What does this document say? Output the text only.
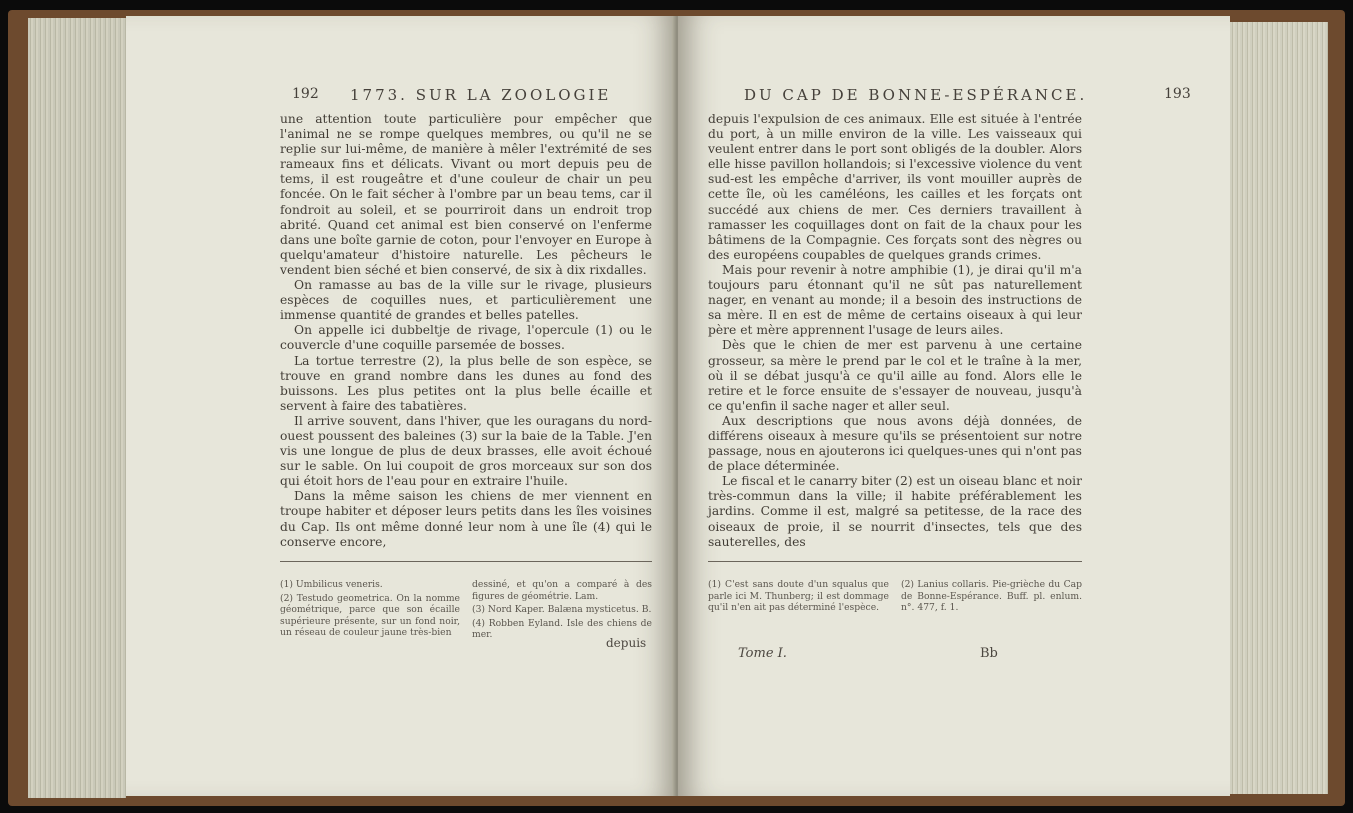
192 1773. SUR LA ZOOLOGIE

une attention toute particulière pour empêcher que l'animal ne se rompe quelques membres, ou qu'il ne se replie sur lui-même, de manière à mêler l'extrémité de ses rameaux fins et délicats. Vivant ou mort depuis peu de tems, il est rougeâtre et d'une couleur de chair un peu foncée. On le fait sécher à l'ombre par un beau tems, car il fondroit au soleil, et se pourriroit dans un endroit trop abrité. Quand cet animal est bien conservé on l'enferme dans une boîte garnie de coton, pour l'envoyer en Europe à quelqu'amateur d'histoire naturelle. Les pêcheurs le vendent bien séché et bien conservé, de six à dix rixdalles.

On ramasse au bas de la ville sur le rivage, plusieurs espèces de coquilles nues, et particulièrement une immense quantité de grandes et belles patelles.

On appelle ici dubbeltje de rivage, l'opercule (1) ou le couvercle d'une coquille parsemée de bosses.

La tortue terrestre (2), la plus belle de son espèce, se trouve en grand nombre dans les dunes au fond des buissons. Les plus petites ont la plus belle écaille et servent à faire des tabatières.

Il arrive souvent, dans l'hiver, que les ouragans du nord-ouest poussent des baleines (3) sur la baie de la Table. J'en vis une longue de plus de deux brasses, elle avoit échoué sur le sable. On lui coupoit de gros morceaux sur son dos qui étoit hors de l'eau pour en extraire l'huile.

Dans la même saison les chiens de mer viennent en troupe habiter et déposer leurs petits dans les îles voisines du Cap. Ils ont même donné leur nom à une île (4) qui le conserve encore,

(1) Umbilicus veneris.

(2) Testudo geometrica. On la nomme géométrique, parce que son écaille supérieure présente, sur un fond noir, un réseau de couleur jaune très-bien

dessiné, et qu'on a comparé à des figures de géométrie. Lam.

(3) Nord Kaper. Balæna mysticetus. B.

(4) Robben Eyland. Isle des chiens de mer.

depuis
DU CAP DE BONNE-ESPÉRANCE.	193

depuis l'expulsion de ces animaux. Elle est située à l'entrée du port, à un mille environ de la ville. Les vaisseaux qui veulent entrer dans le port sont obligés de la doubler. Alors elle hisse pavillon hollandois; si l'excessive violence du vent sud-est les empêche d'arriver, ils vont mouiller auprès de cette île, où les caméléons, les cailles et les forçats ont succédé aux chiens de mer. Ces derniers travaillent à ramasser les coquillages dont on fait de la chaux pour les bâtimens de la Compagnie. Ces forçats sont des nègres ou des européens coupables de quelques grands crimes.

Mais pour revenir à notre amphibie (1), je dirai qu'il m'a toujours paru étonnant qu'il ne sût pas naturellement nager, en venant au monde; il a besoin des instructions de sa mère. Il en est de même de certains oiseaux à qui leur père et mère apprennent l'usage de leurs ailes.

Dès que le chien de mer est parvenu à une certaine grosseur, sa mère le prend par le col et le traîne à la mer, où il se débat jusqu'à ce qu'il aille au fond. Alors elle le retire et le force ensuite de s'essayer de nouveau, jusqu'à ce qu'enfin il sache nager et aller seul.

Aux descriptions que nous avons déjà données, de différens oiseaux à mesure qu'ils se présentoient sur notre passage, nous en ajouterons ici quelques-unes qui n'ont pas de place déterminée.

Le fiscal et le canarry biter (2) est un oiseau blanc et noir très-commun dans la ville; il habite préférablement les jardins. Comme il est, malgré sa petitesse, de la race des oiseaux de proie, il se nourrit d'insectes, tels que des sauterelles, des

(1) C'est sans doute d'un squalus que parle ici M. Thunberg; il est dommage qu'il n'en ait pas déterminé l'espèce.

(2) Lanius collaris. Pie-grièche du Cap de Bonne-Espérance. Buff. pl. enlum. n°. 477, f. 1.

Tome I.	Bb
